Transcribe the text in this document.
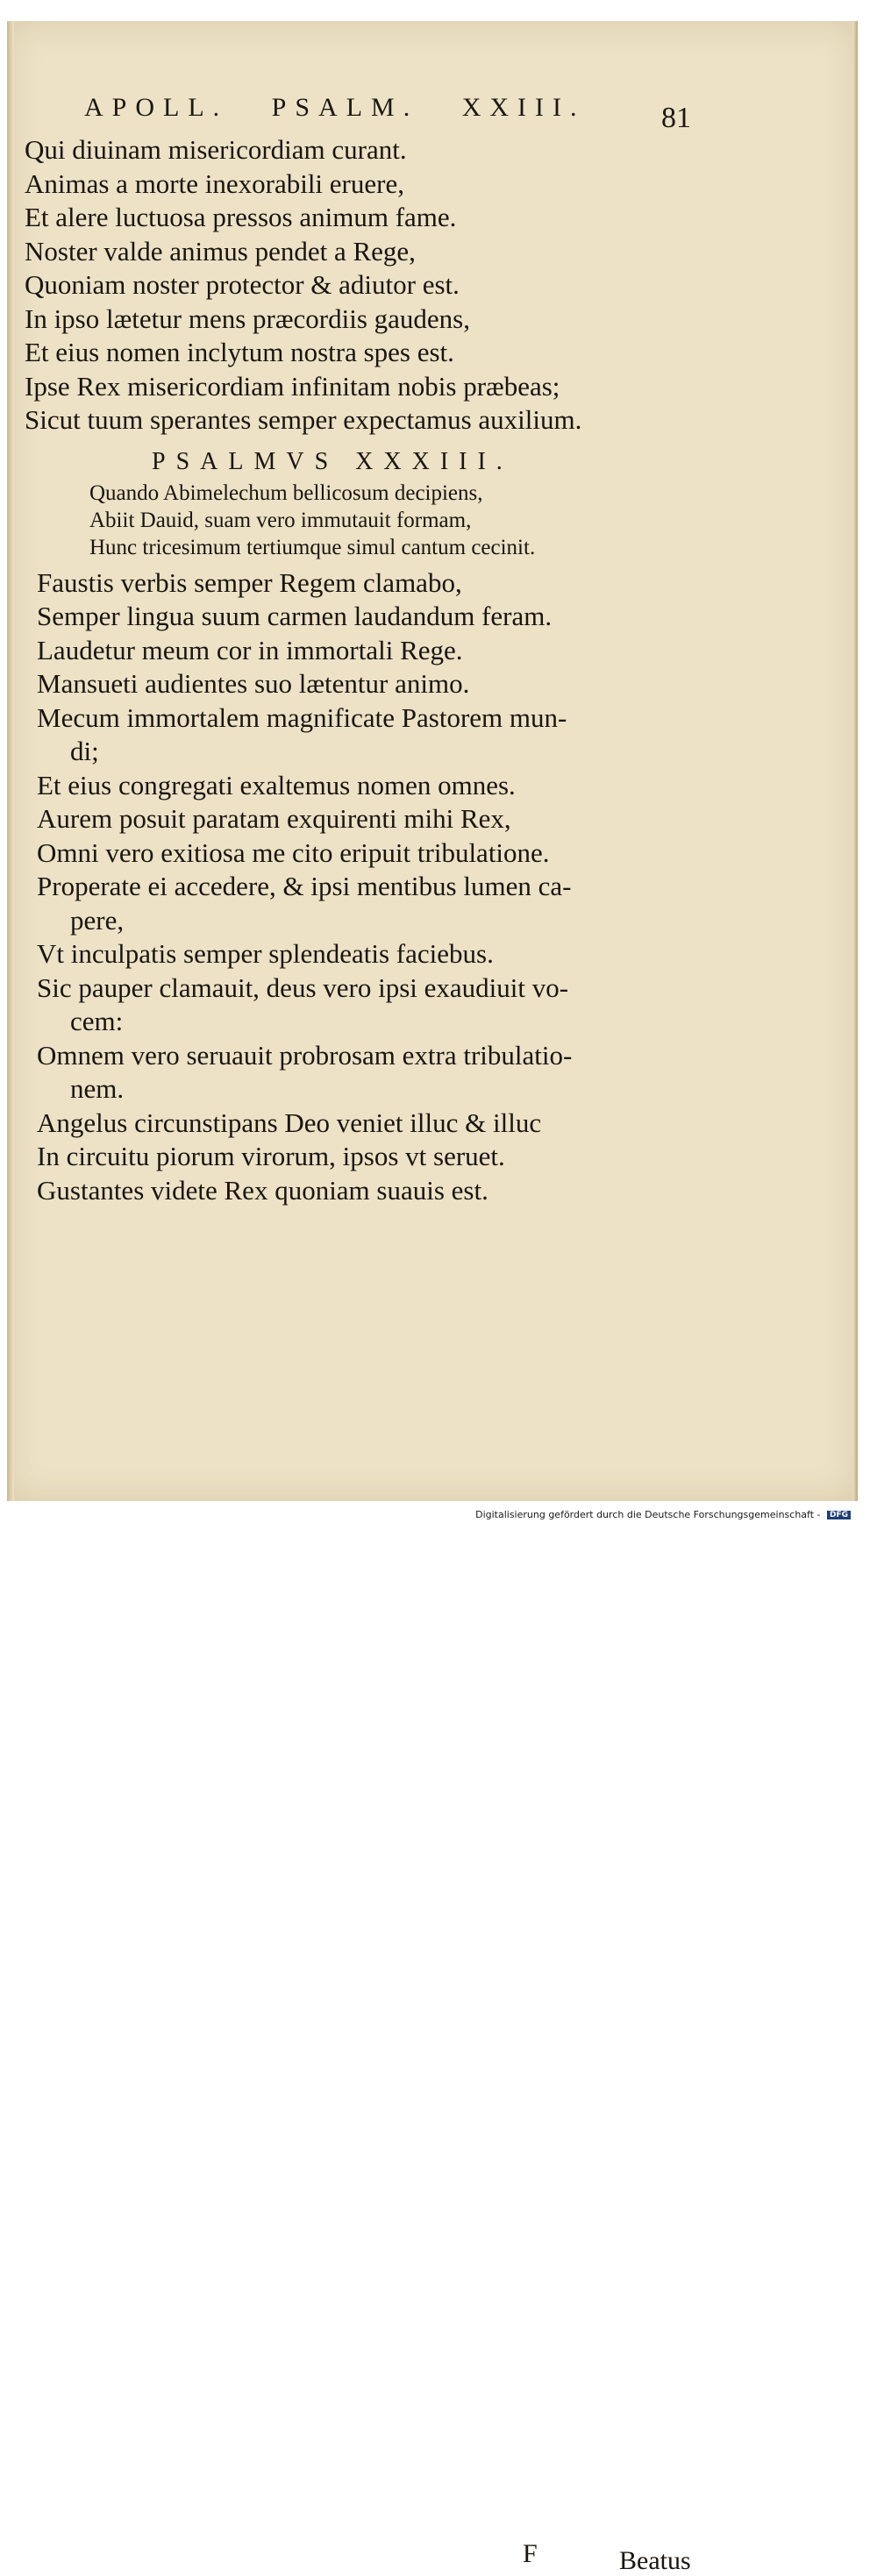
APOLL. PSALM. XXIII.	81
Qui diuinam misericordiam curant.
Animas a morte inexorabili eruere,
Et alere luctuosa pressos animum fame.
Noster valde animus pendet a Rege,
Quoniam noster protector & adiutor est.
In ipso lætetur mens præcordiis gaudens,
Et eius nomen inclytum nostra spes est.
Ipse Rex misericordiam infinitam nobis præbeas;
Sicut tuum sperantes semper expectamus auxilium.
PSALMVS XXXIII.
Quando Abimelechum bellicosum decipiens,
Abiit Dauid, suam vero immutauit formam,
Hunc tricesimum tertiumque simul cantum cecinit.
Faustis verbis semper Regem clamabo,
Semper lingua suum carmen laudandum feram.
Laudetur meum cor in immortali Rege.
Mansueti audientes suo lætentur animo.
Mecum immortalem magnificate Pastorem mun-
di;
Et eius congregati exaltemus nomen omnes.
Aurem posuit paratam exquirenti mihi Rex,
Omni vero exitiosa me cito eripuit tribulatione.
Properate ei accedere, & ipsi mentibus lumen ca-
pere,
Vt inculpatis semper splendeatis faciebus.
Sic pauper clamauit, deus vero ipsi exaudiuit vo-
cem:
Omnem vero seruauit probrosam extra tribulatio-
nem.
Angelus circunstipans Deo veniet illuc & illuc
In circuitu piorum virorum, ipsos vt seruet.
Gustantes videte Rex quoniam suauis est.
F	Beatus
Digitalisierung gefördert durch die Deutsche Forschungsgemeinschaft - DFG
